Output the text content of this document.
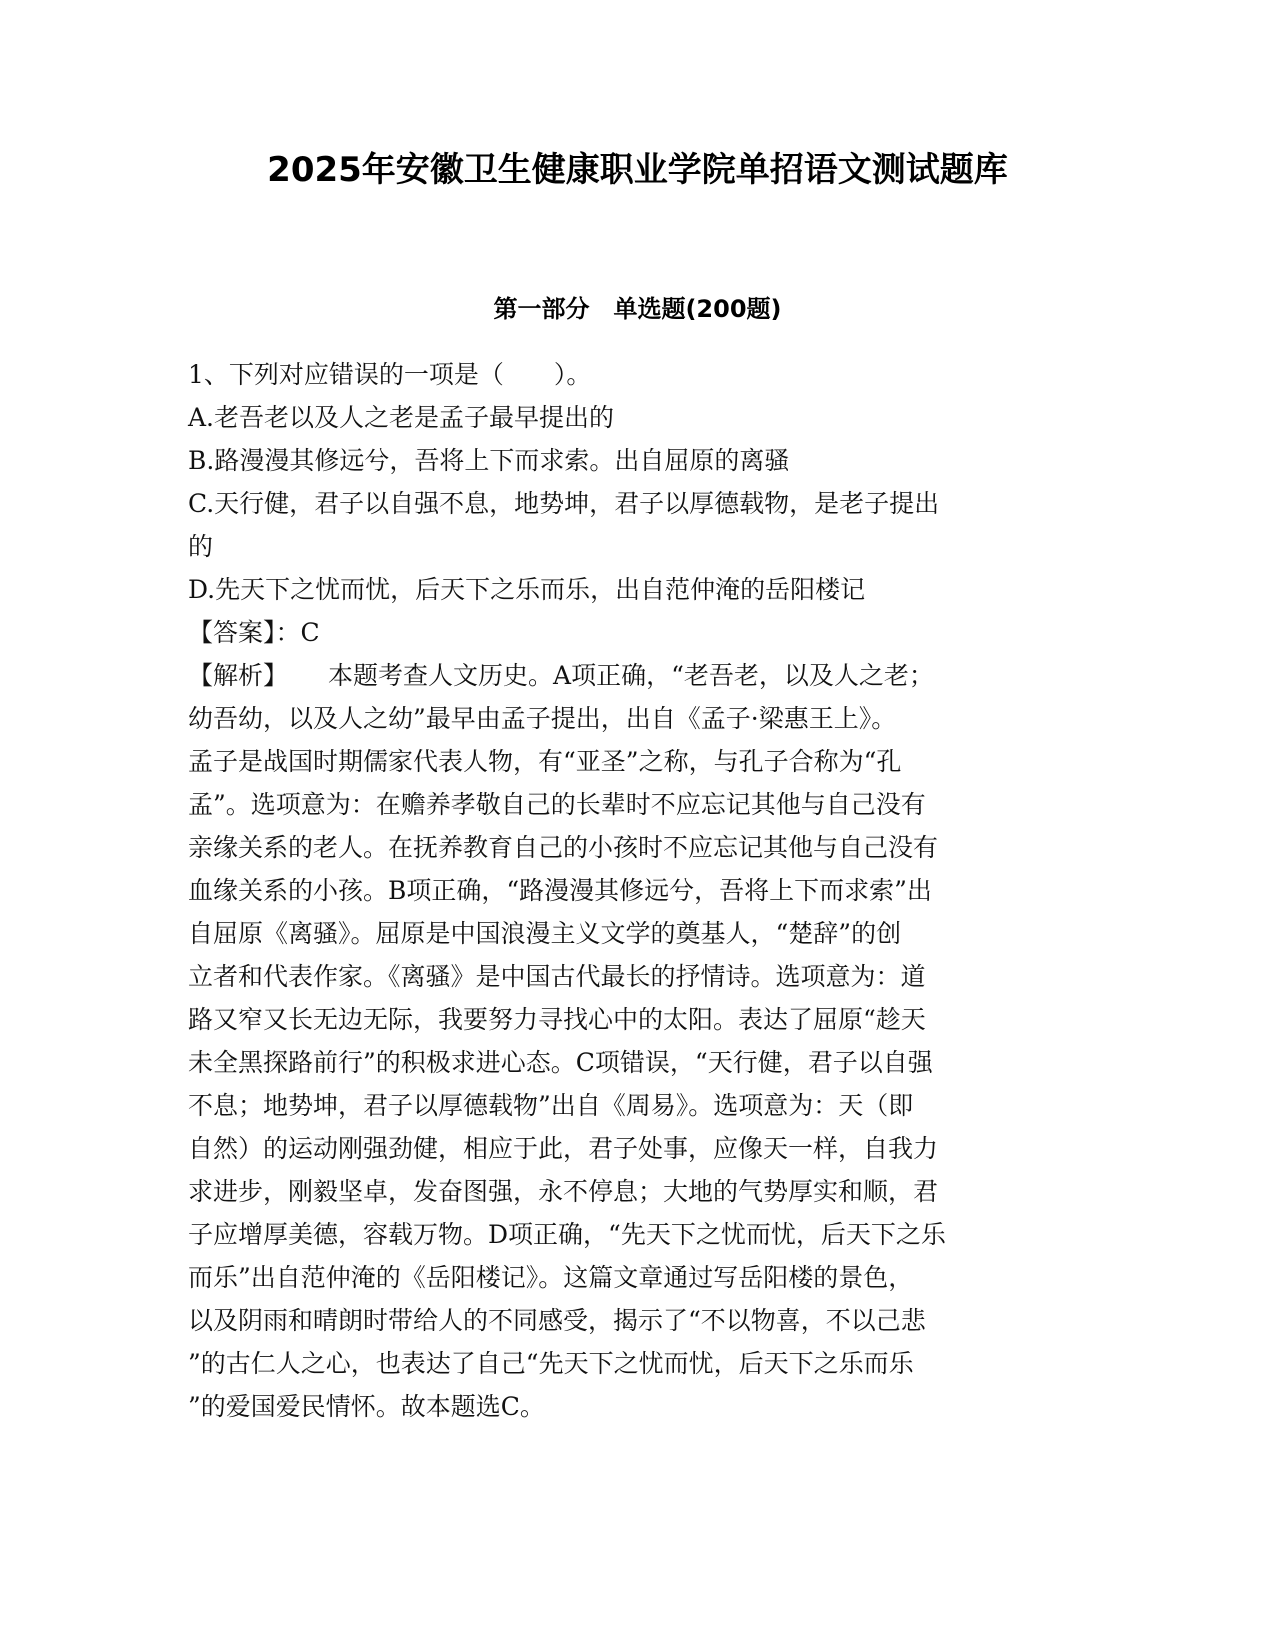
2025年安徽卫生健康职业学院单招语文测试题库
第一部分　单选题(200题)
1、下列对应错误的一项是（　　）。
A.老吾老以及人之老是孟子最早提出的
B.路漫漫其修远兮，吾将上下而求索。出自屈原的离骚
C.天行健，君子以自强不息，地势坤，君子以厚德载物，是老子提出
的
D.先天下之忧而忧，后天下之乐而乐，出自范仲淹的岳阳楼记
【答案】：C
【解析】 本题考查人文历史。A项正确，“老吾老，以及人之老；
幼吾幼，以及人之幼”最早由孟子提出，出自《孟子·梁惠王上》。
孟子是战国时期儒家代表人物，有“亚圣”之称，与孔子合称为“孔
孟”。选项意为：在赡养孝敬自己的长辈时不应忘记其他与自己没有
亲缘关系的老人。在抚养教育自己的小孩时不应忘记其他与自己没有
血缘关系的小孩。B项正确，“路漫漫其修远兮，吾将上下而求索”出
自屈原《离骚》。屈原是中国浪漫主义文学的奠基人，“楚辞”的创
立者和代表作家。《离骚》是中国古代最长的抒情诗。选项意为：道
路又窄又长无边无际，我要努力寻找心中的太阳。表达了屈原“趁天
未全黑探路前行”的积极求进心态。C项错误，“天行健，君子以自强
不息；地势坤，君子以厚德载物”出自《周易》。选项意为：天（即
自然）的运动刚强劲健，相应于此，君子处事，应像天一样，自我力
求进步，刚毅坚卓，发奋图强，永不停息；大地的气势厚实和顺，君
子应增厚美德，容载万物。D项正确，“先天下之忧而忧，后天下之乐
而乐”出自范仲淹的《岳阳楼记》。这篇文章通过写岳阳楼的景色，
以及阴雨和晴朗时带给人的不同感受，揭示了“不以物喜，不以己悲
”的古仁人之心，也表达了自己“先天下之忧而忧，后天下之乐而乐
”的爱国爱民情怀。故本题选C。
